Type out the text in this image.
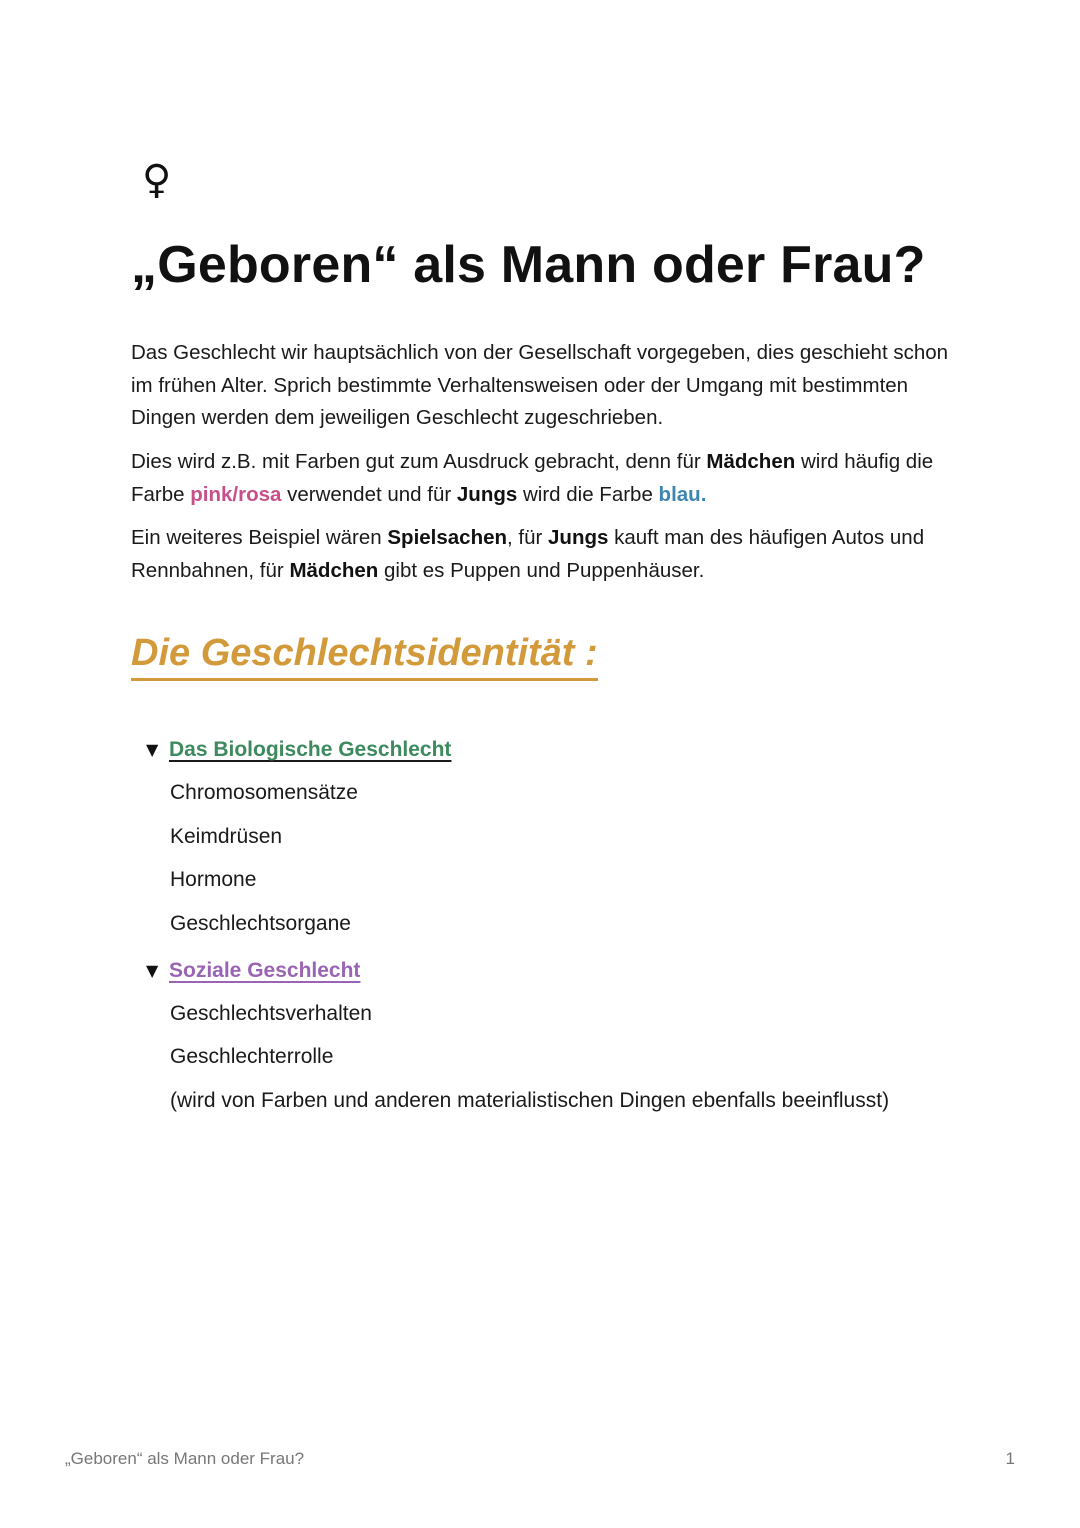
♀
„Geboren“ als Mann oder Frau?

Das Geschlecht wir hauptsächlich von der Gesellschaft vorgegeben, dies geschieht schon im frühen Alter. Sprich bestimmte Verhaltensweisen oder der Umgang mit bestimmten Dingen werden dem jeweiligen Geschlecht zugeschrieben.

Dies wird z.B. mit Farben gut zum Ausdruck gebracht, denn für Mädchen wird häufig die Farbe pink/rosa verwendet und für Jungs wird die Farbe blau.

Ein weiteres Beispiel wären Spielsachen, für Jungs kauft man des häufigen Autos und Rennbahnen, für Mädchen gibt es Puppen und Puppenhäuser.

Die Geschlechtsidentität :
▼ Das Biologische Geschlecht
Chromosomensätze
Keimdrüsen
Hormone
Geschlechtsorgane
▼ Soziale Geschlecht
Geschlechtsverhalten
Geschlechterrolle
(wird von Farben und anderen materialistischen Dingen ebenfalls beeinflusst)
„Geboren“ als Mann oder Frau?	1
